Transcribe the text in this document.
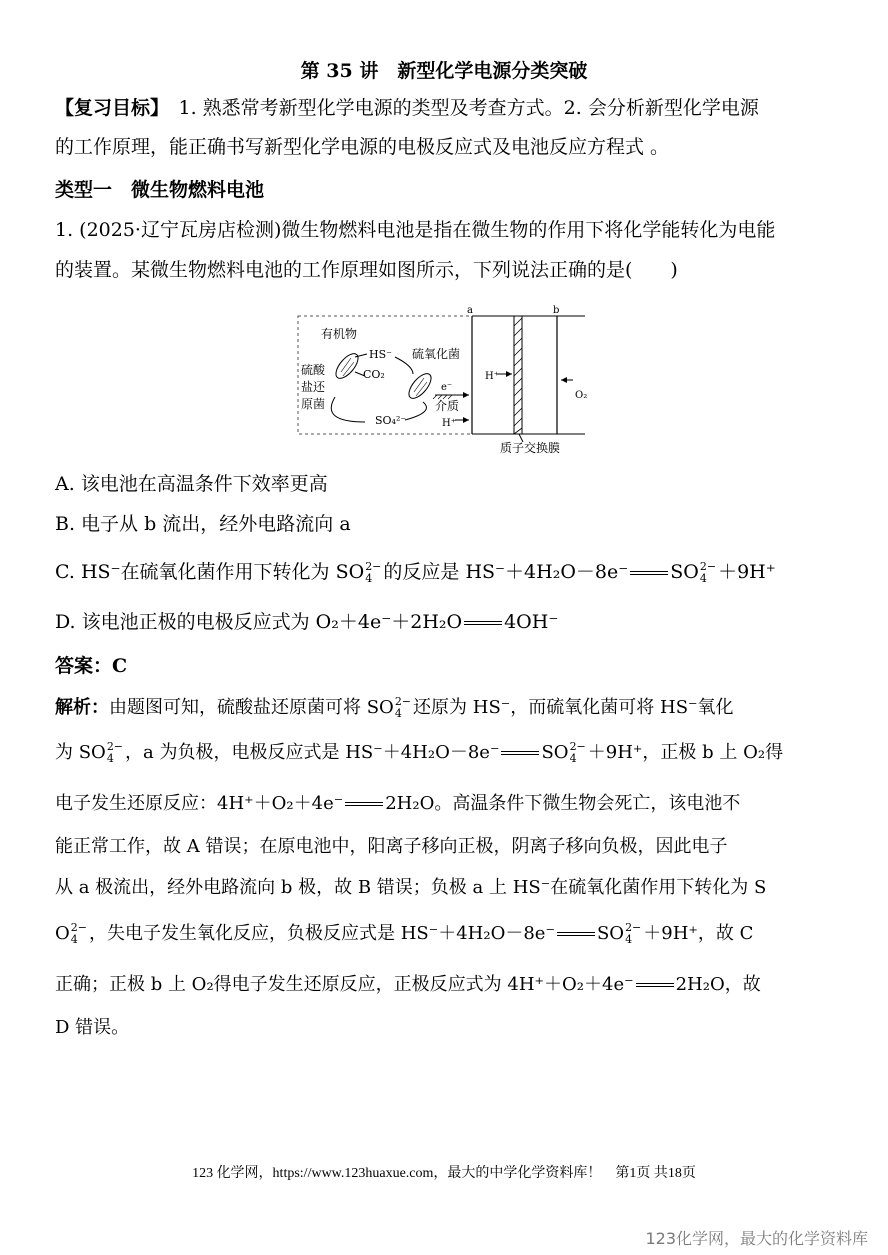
第 35 讲　新型化学电源分类突破
【复习目标】　1. 熟悉常考新型化学电源的类型及考查方式。2. 会分析新型化学电源
的工作原理，能正确书写新型化学电源的电极反应式及电池反应方程式 。
类型一　微生物燃料电池
1. (2025·辽宁瓦房店检测)微生物燃料电池是指在微生物的作用下将化学能转化为电能
的装置。某微生物燃料电池的工作原理如图所示，下列说法正确的是(　　)
a	b
有机物
HS⁻
CO₂
硫酸
盐还
原菌
硫氧化菌
e⁻
介质
SO₄²⁻	H⁺
H⁺
O₂
质子交换膜
A. 该电池在高温条件下效率更高
B. 电子从 b 流出，经外电路流向 a
C. HS⁻在硫氧化菌作用下转化为 SO 2−
4 的反应是 HS⁻＋4H₂O－8e⁻ SO 2−
4 ＋9H⁺
D. 该电池正极的电极反应式为 O₂＋4e⁻＋2H₂O 4OH⁻
答案：C
解析：由题图可知，硫酸盐还原菌可将 SO 2−
4 还原为 HS⁻，而硫氧化菌可将 HS⁻氧化
为 SO 2−
4 ，a 为负极，电极反应式是 HS⁻＋4H₂O－8e⁻ SO 2−
4 ＋9H⁺，正极 b 上 O₂得
电子发生还原反应：4H⁺＋O₂＋4e⁻ 2H₂O。高温条件下微生物会死亡，该电池不
能正常工作，故 A 错误；在原电池中，阳离子移向正极，阴离子移向负极，因此电子
从 a 极流出，经外电路流向 b 极，故 B 错误；负极 a 上 HS⁻在硫氧化菌作用下转化为 S
O 2−
4 ，失电子发生氧化反应，负极反应式是 HS⁻＋4H₂O－8e⁻ SO 2−
4 ＋9H⁺，故 C
正确；正极 b 上 O₂得电子发生还原反应，正极反应式为 4H⁺＋O₂＋4e⁻ 2H₂O，故
D 错误。
123 化学网，https://www.123huaxue.com，最大的中学化学资料库！　第1页 共18页
123化学网，最大的化学资料库
